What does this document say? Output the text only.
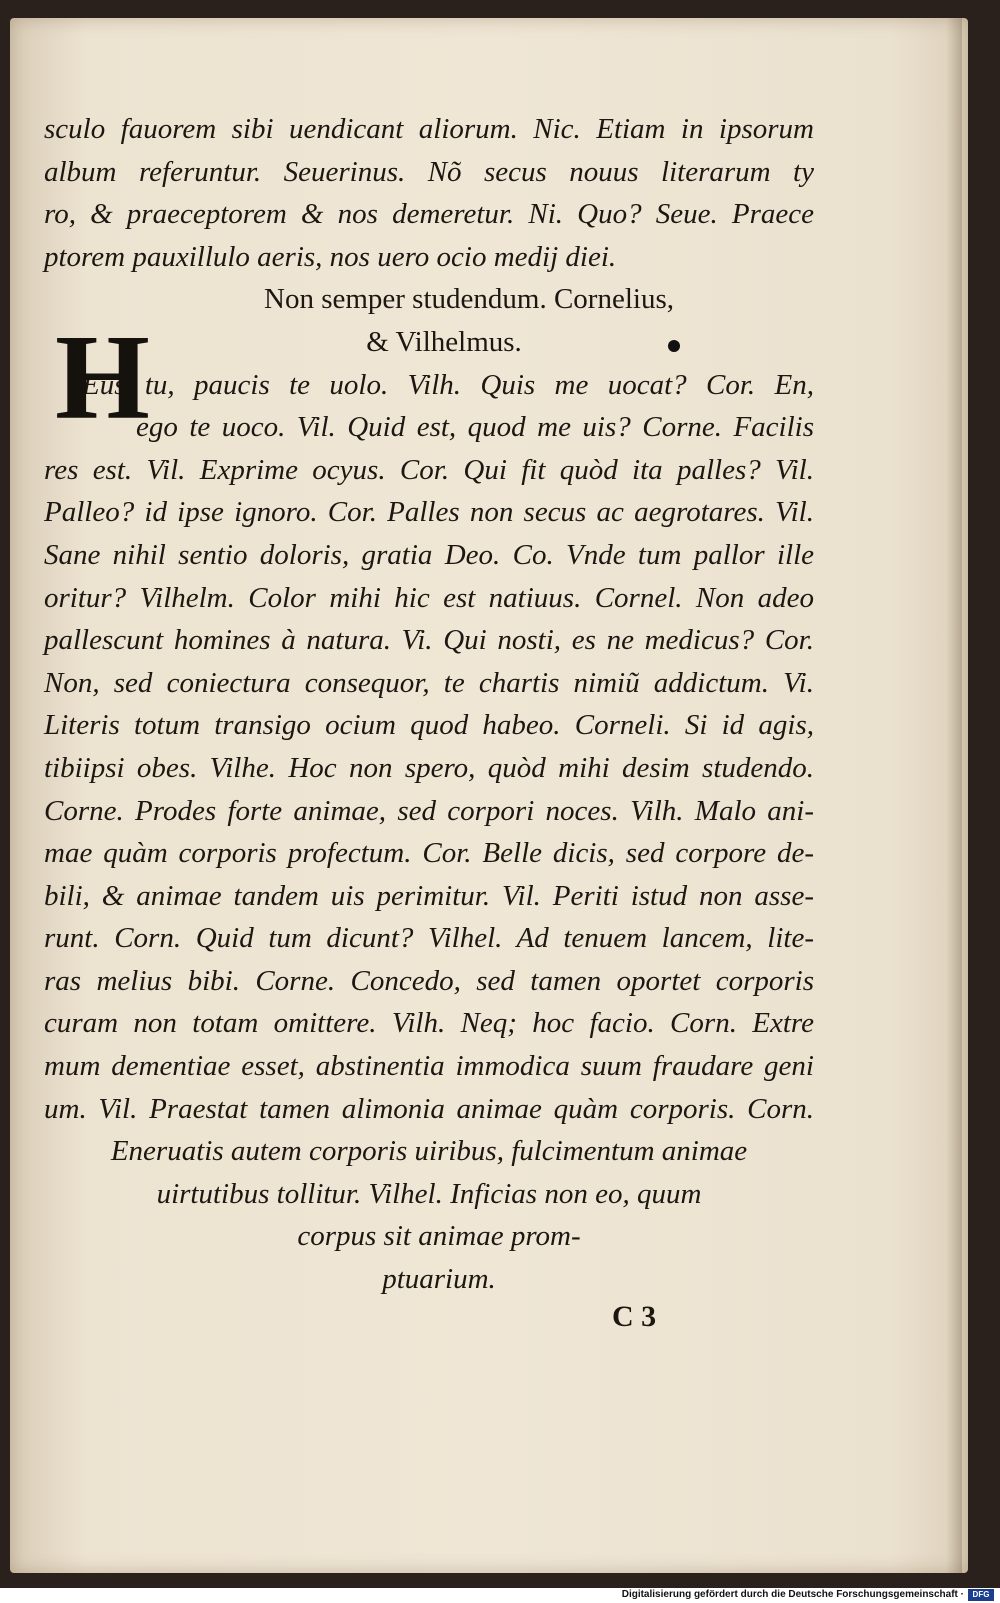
sculo fauorem sibi uendicant aliorum. Nic. Etiam in ipsorum
album referuntur. Seuerinus. Nõ secus nouus literarum ty
ro, & praeceptorem & nos demeretur. Ni. Quo? Seue. Praece
ptorem pauxillulo aeris, nos uero ocio medij diei.
Non semper studendum. Cornelius,
& Vilhelmus.
Eus tu, paucis te uolo. Vilh. Quis me uocat? Cor. En,
ego te uoco. Vil. Quid est, quod me uis? Corne. Facilis
res est. Vil. Exprime ocyus. Cor. Qui fit quòd ita palles? Vil.
Palleo? id ipse ignoro. Cor. Palles non secus ac aegrotares. Vil.
Sane nihil sentio doloris, gratia Deo. Co. Vnde tum pallor ille
oritur? Vilhelm. Color mihi hic est natiuus. Cornel. Non adeo
pallescunt homines à natura. Vi. Qui nosti, es ne medicus? Cor.
Non, sed coniectura consequor, te chartis nimiũ addictum. Vi.
Literis totum transigo ocium quod habeo. Corneli. Si id agis,
tibiipsi obes. Vilhe. Hoc non spero, quòd mihi desim studendo.
Corne. Prodes forte animae, sed corpori noces. Vilh. Malo ani-
mae quàm corporis profectum. Cor. Belle dicis, sed corpore de-
bili, & animae tandem uis perimitur. Vil. Periti istud non asse-
runt. Corn. Quid tum dicunt? Vilhel. Ad tenuem lancem, lite-
ras melius bibi. Corne. Concedo, sed tamen oportet corporis
curam non totam omittere. Vilh. Neq; hoc facio. Corn. Extre
mum dementiae esset, abstinentia immodica suum fraudare geni
um. Vil. Praestat tamen alimonia animae quàm corporis. Corn.
Eneruatis autem corporis uiribus, fulcimentum animae
uirtutibus tollitur. Vilhel. Inficias non eo, quum
corpus sit animae prom-
ptuarium.
H
C 3
Digitalisierung gefördert durch die Deutsche Forschungsgemeinschaft ·	DFG
